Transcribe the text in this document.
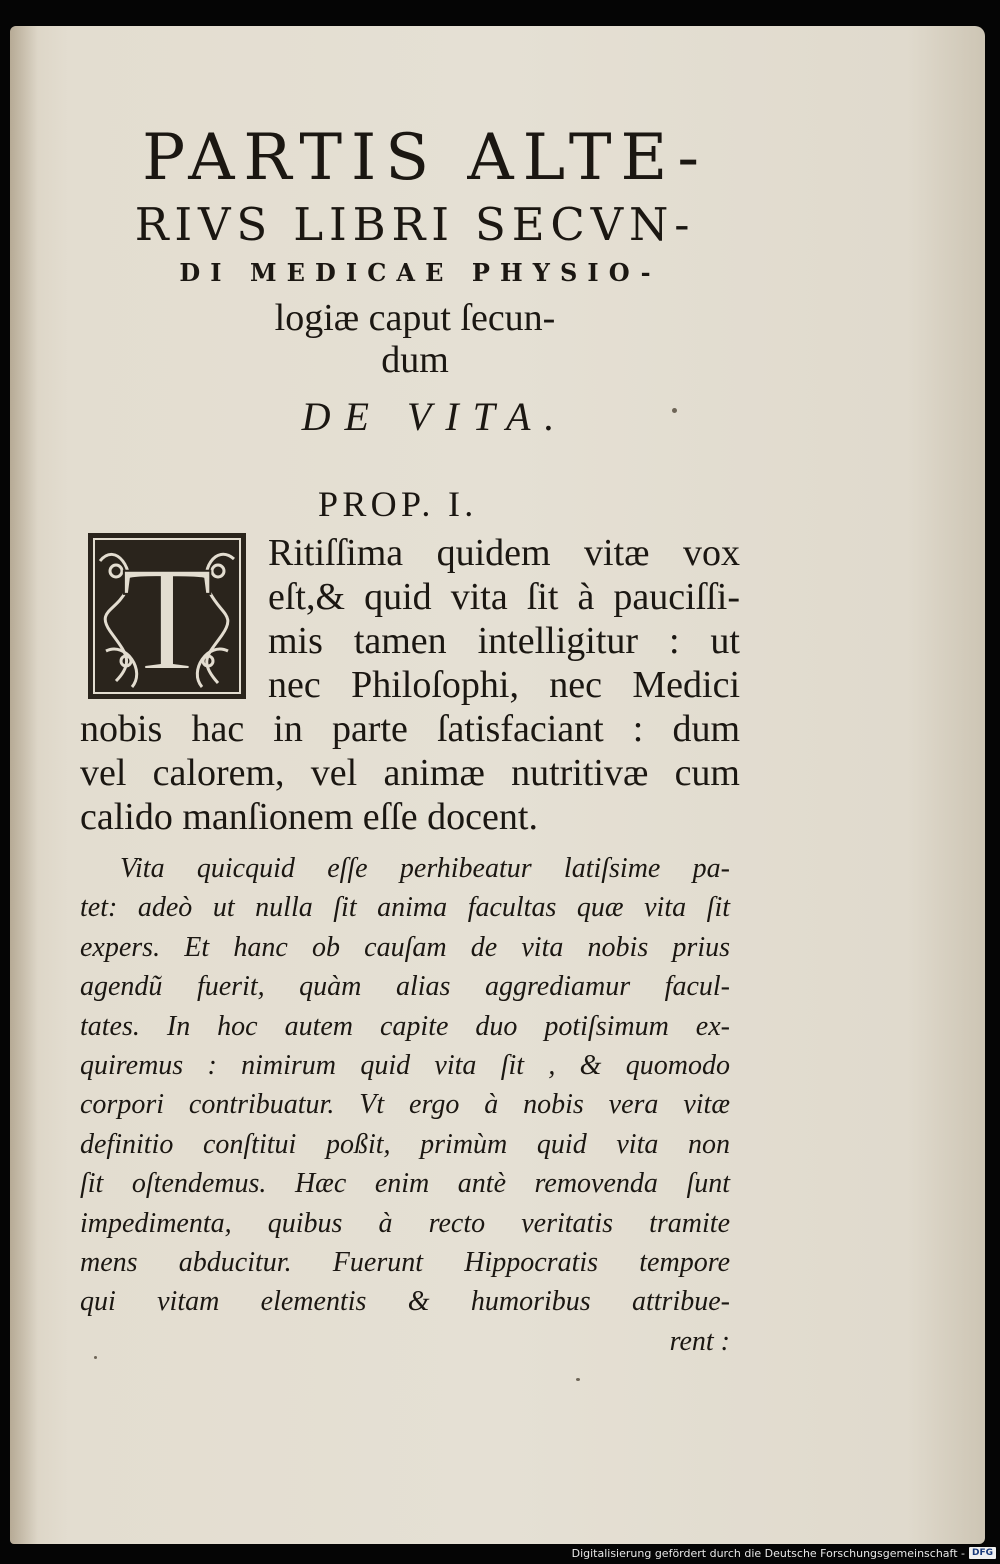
PARTIS ALTE-
RIVS LIBRI SECVN-
DI MEDICAE PHYSIO-
logiæ caput ſecun-
dum
DE VITA.
PROP. I.
T	Ritiſſima quidem vitæ vox
eſt,& quid vita ſit à pauciſſi-
mis tamen intelligitur : ut
nec Philoſophi, nec Medici
nobis hac in parte ſatisfaciant : dum
vel calorem, vel animæ nutritivæ cum
calido manſionem eſſe docent.
Vita quicquid eſſe perhibeatur latiſsime pa-
tet: adeò ut nulla ſit anima facultas quæ vita ſit
expers. Et hanc ob cauſam de vita nobis prius
agendũ fuerit, quàm alias aggrediamur facul-
tates. In hoc autem capite duo potiſsimum ex-
quiremus : nimirum quid vita ſit , & quomodo
corpori contribuatur. Vt ergo à nobis vera vitæ
definitio conſtitui poßit, primùm quid vita non
ſit oſtendemus. Hæc enim antè removenda ſunt
impedimenta, quibus à recto veritatis tramite
mens abducitur. Fuerunt Hippocratis tempore
qui vitam elementis & humoribus attribue-
rent :
Digitalisierung gefördert durch die Deutsche Forschungsgemeinschaft - DFG
